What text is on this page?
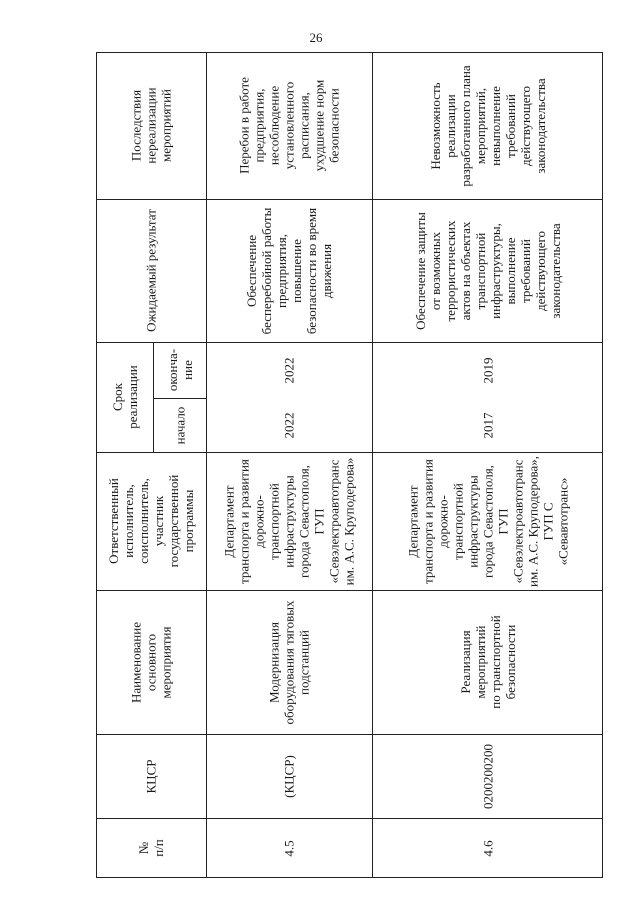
26
Последствия
нереализации
мероприятий
Ожидаемый результат
Срок
реализации оконча-
ние
начало
Ответственный
исполнитель,
соисполнитель,
участник
государственной
программы
Наименование
основного
мероприятия
КЦСР
№
п/п
Перебои в работе
предприятия,
несоблюдение
установленного
расписания,
ухудшение норм
безопасности
Обеспечение
бесперебойной работы
предприятия,
повышение
безопасности во время
движения
2022
2022
Департамент
транспорта и развития
дорожно-
транспортной
инфраструктуры
города Севастополя,
ГУП
«Севэлектроавтотранс
им. А.С. Круподерова»
Модернизация
оборудования тяговых
подстанций
(КЦСР)
4.5
Невозможность
реализации
разработанного плана
мероприятий,
невыполнение
требований
действующего
законодательства
Обеспечение защиты
от возможных
террористических
актов на объектах
транспортной
инфраструктуры,
выполнение
требований
действующего
законодательства
2019
2017
Департамент
транспорта и развития
дорожно-
транспортной
инфраструктуры
города Севастополя,
ГУП
«Севэлектроавтотранс
им. А.С. Круподерова»,
ГУП С
«Севавтотранс»
Реализация
мероприятий
по транспортной
безопасности
0200200200
4.6
